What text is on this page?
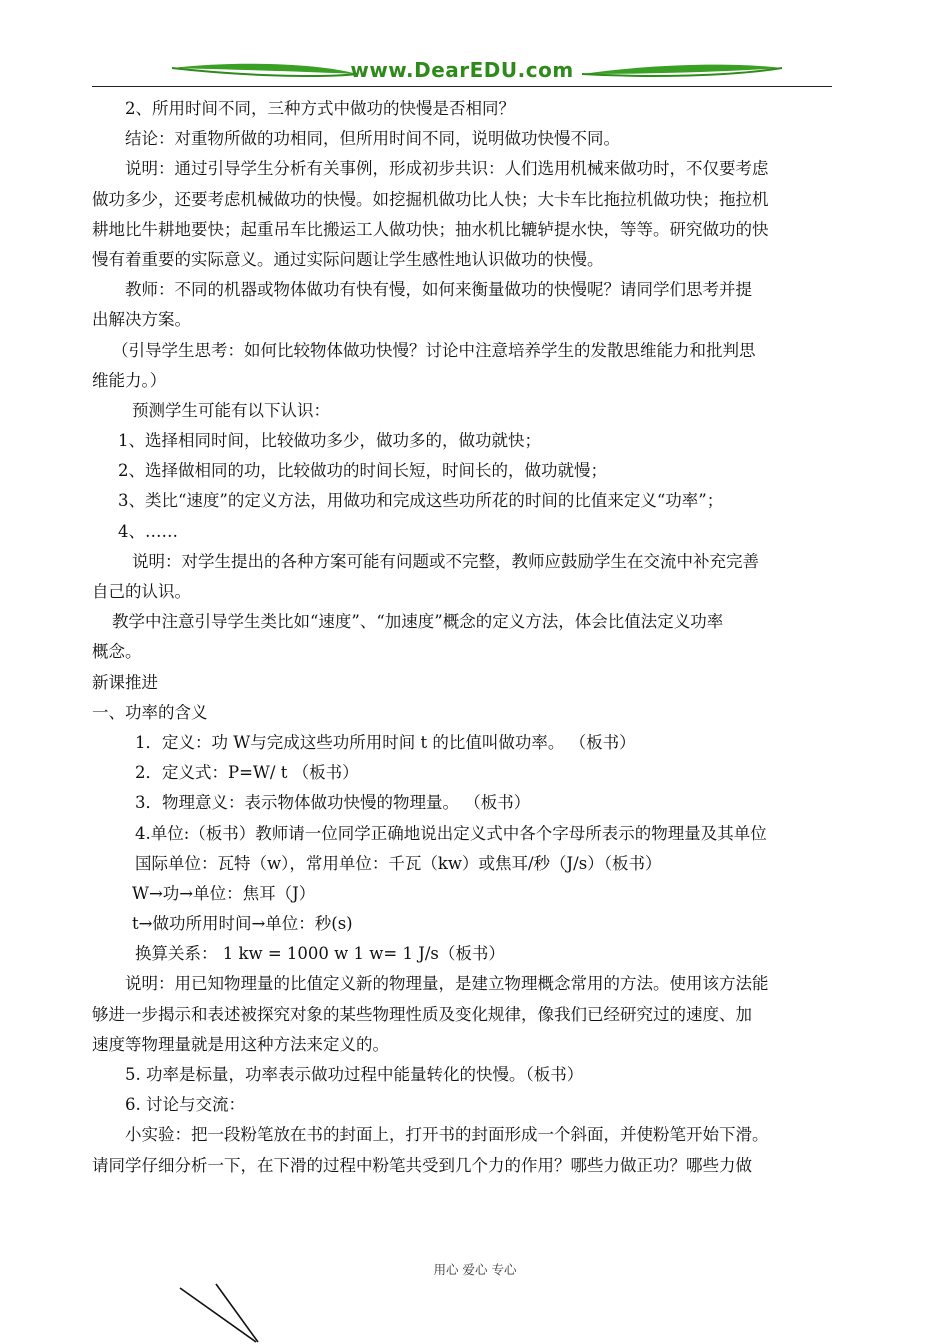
www.DearEDU.com
2、所用时间不同，三种方式中做功的快慢是否相同？
结论：对重物所做的功相同，但所用时间不同，说明做功快慢不同。
说明：通过引导学生分析有关事例，形成初步共识：人们选用机械来做功时，不仅要考虑
做功多少，还要考虑机械做功的快慢。如挖掘机做功比人快；大卡车比拖拉机做功快；拖拉机
耕地比牛耕地要快；起重吊车比搬运工人做功快；抽水机比辘轳提水快，等等。研究做功的快
慢有着重要的实际意义。通过实际问题让学生感性地认识做功的快慢。
教师：不同的机器或物体做功有快有慢，如何来衡量做功的快慢呢？请同学们思考并提
出解决方案。
（引导学生思考：如何比较物体做功快慢？讨论中注意培养学生的发散思维能力和批判思
维能力。）
预测学生可能有以下认识：
1、选择相同时间，比较做功多少，做功多的，做功就快；
2、选择做相同的功，比较做功的时间长短，时间长的，做功就慢；
3、类比“速度”的定义方法，用做功和完成这些功所花的时间的比值来定义“功率”；
4、……
说明：对学生提出的各种方案可能有问题或不完整，教师应鼓励学生在交流中补充完善
自己的认识。
教学中注意引导学生类比如“速度”、“加速度”概念的定义方法，体会比值法定义功率
概念。
新课推进
一、功率的含义
1．定义：功 W与完成这些功所用时间 t 的比值叫做功率。 （板书）
2．定义式：P=W/ t （板书）
3．物理意义：表示物体做功快慢的物理量。 （板书）
4.单位:（板书）教师请一位同学正确地说出定义式中各个字母所表示的物理量及其单位
国际单位：瓦特（w），常用单位：千瓦（kw）或焦耳/秒（J/s）（板书）
W→功→单位：焦耳（J）
t→做功所用时间→单位：秒(s)
换算关系： 1 kw = 1000 w 1 w= 1 J/s（板书）
说明：用已知物理量的比值定义新的物理量，是建立物理概念常用的方法。使用该方法能
够进一步揭示和表述被探究对象的某些物理性质及变化规律，像我们已经研究过的速度、加
速度等物理量就是用这种方法来定义的。
5. 功率是标量，功率表示做功过程中能量转化的快慢。（板书）
6. 讨论与交流：
小实验：把一段粉笔放在书的封面上，打开书的封面形成一个斜面，并使粉笔开始下滑。
请同学仔细分析一下，在下滑的过程中粉笔共受到几个力的作用？哪些力做正功？哪些力做
用心 爱心 专心
